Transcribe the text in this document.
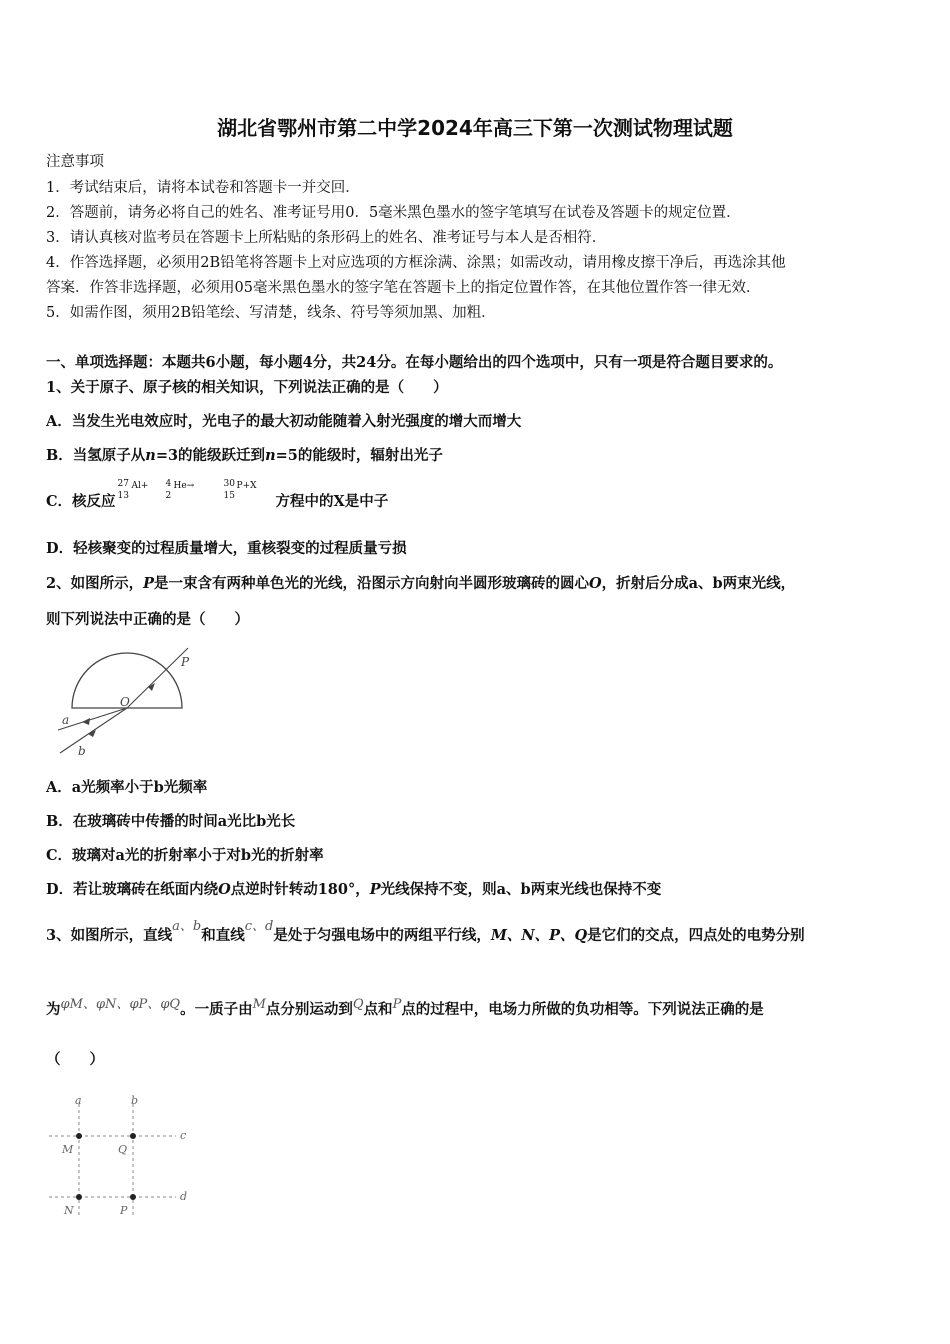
湖北省鄂州市第二中学2024年高三下第一次测试物理试题
注意事项
1．考试结束后，请将本试卷和答题卡一并交回．
2．答题前，请务必将自己的姓名、准考证号用0．5毫米黑色墨水的签字笔填写在试卷及答题卡的规定位置．
3．请认真核对监考员在答题卡上所粘贴的条形码上的姓名、准考证号与本人是否相符．
4．作答选择题，必须用2B铅笔将答题卡上对应选项的方框涂满、涂黑；如需改动，请用橡皮擦干净后，再选涂其他
答案．作答非选择题，必须用05毫米黑色墨水的签字笔在答题卡上的指定位置作答，在其他位置作答一律无效．
5．如需作图，须用2B铅笔绘、写清楚，线条、符号等须加黑、加粗．
一、单项选择题：本题共6小题，每小题4分，共24分。在每小题给出的四个选项中，只有一项是符合题目要求的。
1、关于原子、原子核的相关知识，下列说法正确的是（　　）
A．当发生光电效应时，光电子的最大初动能随着入射光强度的增大而增大
B．当氢原子从n=3的能级跃迁到n=5的能级时，辐射出光子
C．核反应
27
13
Al+ 4
2
He→	30
15
P+X
方程中的X是中子
D．轻核聚变的过程质量增大，重核裂变的过程质量亏损
2、如图所示，P是一束含有两种单色光的光线，沿图示方向射向半圆形玻璃砖的圆心O，折射后分成a、b两束光线，
则下列说法中正确的是（　　）
P
O
a
b
A．a光频率小于b光频率
B．在玻璃砖中传播的时间a光比b光长
C．玻璃对a光的折射率小于对b光的折射率
D．若让玻璃砖在纸面内绕O点逆时针转动180°，P光线保持不变，则a、b两束光线也保持不变
3、如图所示，直线a、b和直线c、d是处于匀强电场中的两组平行线，M、N、P、Q是它们的交点，四点处的电势分别
为φM、φN、φP、φQ。一质子由M点分别运动到Q点和P点的过程中，电场力所做的负功相等。下列说法正确的是
（　　）
a	b
c
d
M	Q
N	P
